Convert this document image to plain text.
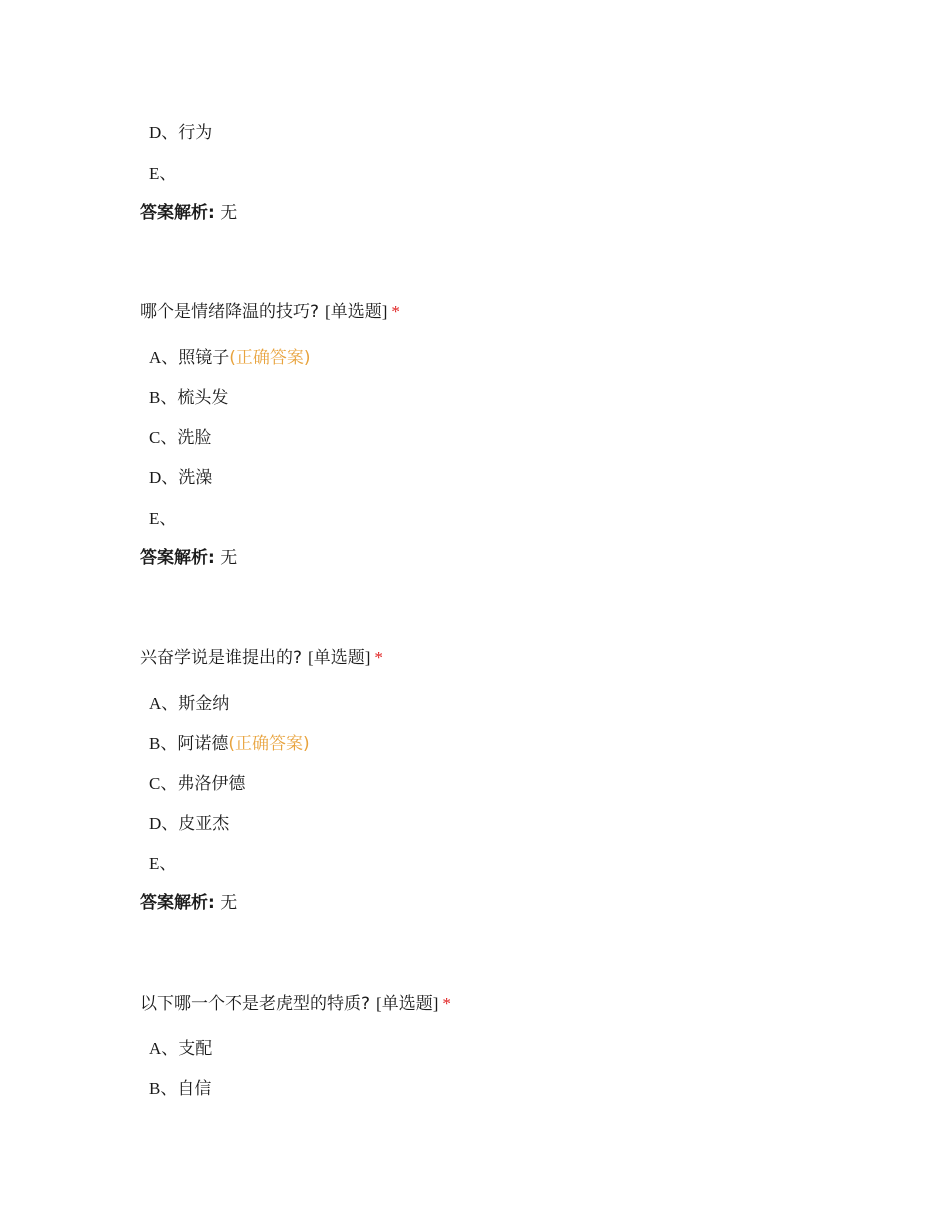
D、行为
E、
答案解析: 无
哪个是情绪降温的技巧? [单选题] *
A、照镜子(正确答案)
B、梳头发
C、洗脸
D、洗澡
E、
答案解析: 无
兴奋学说是谁提出的? [单选题] *
A、斯金纳
B、阿诺德(正确答案)
C、弗洛伊德
D、皮亚杰
E、
答案解析: 无
以下哪一个不是老虎型的特质? [单选题] *
A、支配
B、自信
